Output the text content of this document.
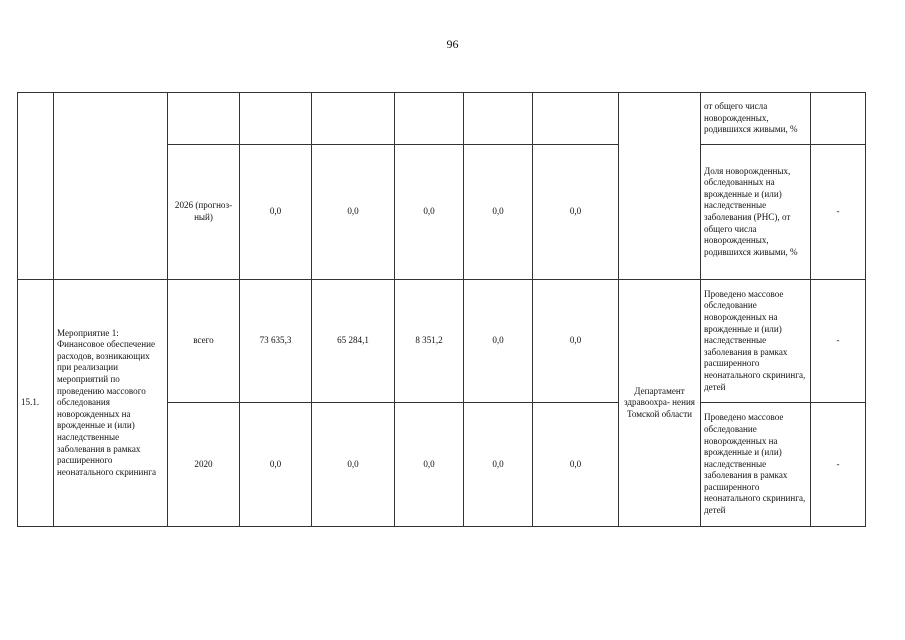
96
									от общего числа новорожденных, родившихся живыми, %	
		2026 (прогноз- ный)	0,0	0,0	0,0	0,0	0,0		Доля новорожденных, обследованных на врожденные и (или) наследственные заболевания (РНС), от общего числа новорожденных, родившихся живыми, %	-
15.1.	Мероприятие 1: Финансовое обеспечение расходов, возникающих при реализации мероприятий по проведению массового обследования новорожденных на врожденные и (или) наследственные заболевания в рамках расширенного неонатального скрининга	всего	73 635,3	65 284,1	8 351,2	0,0	0,0	Департамент здравоохра- нения Томской области	Проведено массовое обследование новорожденных на врожденные и (или) наследственные заболевания в рамках расширенного неонатального скрининга, детей	-
		2020	0,0	0,0	0,0	0,0	0,0		Проведено массовое обследование новорожденных на врожденные и (или) наследственные заболевания в рамках расширенного неонатального скрининга, детей	-
